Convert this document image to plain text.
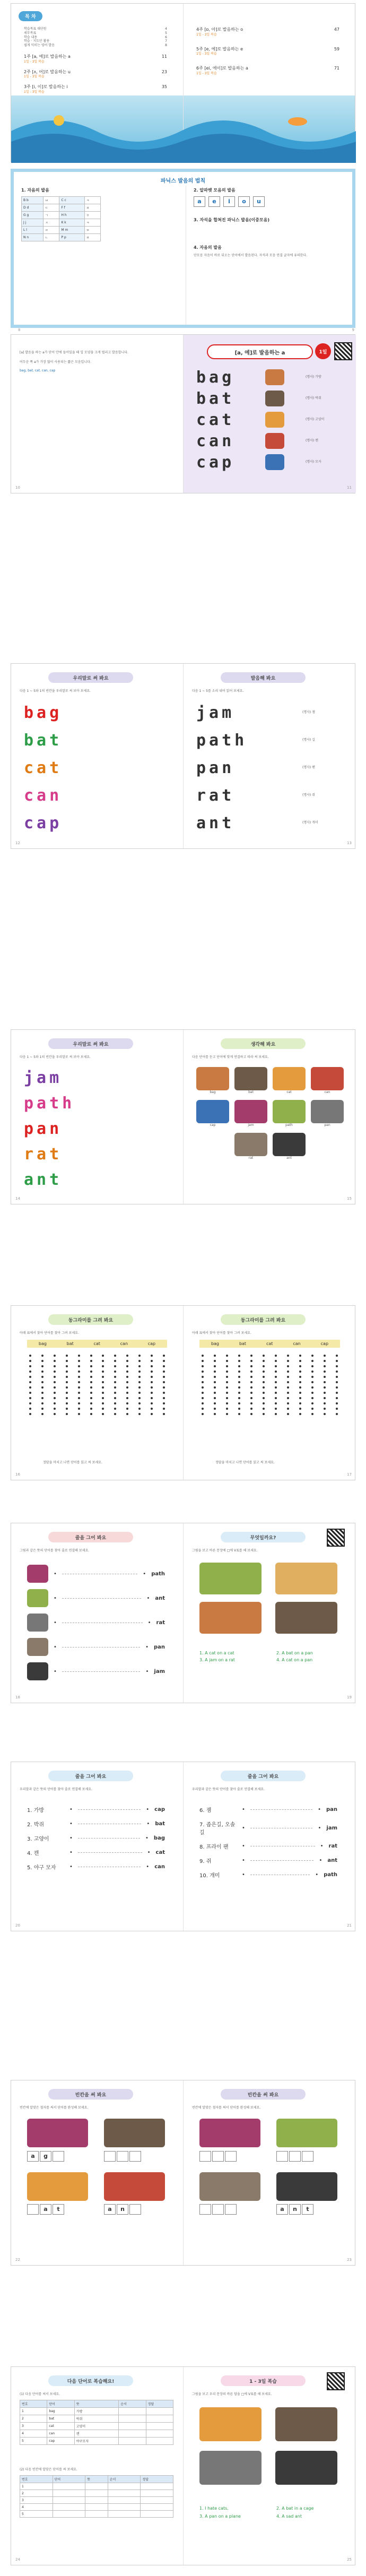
목 차
학습목표 대단원	4
세부목표	5
학습 내용	6
학습 · 지도안 활용	7
쉽게 익히는 영어 발음	8
1주 [a, 에]로 발음하는 a	11
1일 - 3일 복습
2주 [ʌ, 어]로 발음하는 u	23
1일 - 3일 복습
3주 [i, 이]로 발음하는 i	35
1일 - 3일 복습
4주 [ɒ, 아]로 발음하는 o	47
1일 - 3일 복습
5주 [e, 에]로 발음하는 e	59
1일 - 3일 복습
6주 [ei, 에이]로 발음하는 a	71
1일 - 3일 복습
파닉스 발음의 법칙
1. 자음의 발음
B b	ㅂ	C c	ㅋ
D d	ㄷ	F f	ㅍ
G g	ㄱ	H h	ㅎ
J j	ㅈ	K k	ㅋ
L l	ㄹ	M m	ㅁ
N n	ㄴ	P p	ㅍ
8
2. 알파벳 모음의 발음
a	e	i	o	u
3. 자석을 합쳐진 파닉스 발음(이중모음)
4. 자음의 발음
단모음 자음이 바로 뒤오는 단어에서 발음된다. 자석과 모음 연결 글자에 유의한다.
9
[a] 발음을 하는 a가 단어 안에 들어있을 때 입 모양을 크게 벌리고 발음합니다.
어두운 쪽 a가 가장 많이 사용되는 짧은 모음입니다.
bag, bat, cat, can, cap
10
[a, 에]로 발음하는 a	1일
bag	(명사) 가방
bat	(명사) 박쥐
cat	(명사) 고양이
can	(명사) 캔
cap	(명사) 모자
11
우리말로 써 봐요
다음 1 ~ 5와 1의 빈칸을 우리말로 써 보아 보세요.
bag
bat
cat
can
cap
12
발음해 봐요
다음 1 ~ 5를 소리 내어 읽어 보세요.
jam	(명사) 잼
path	(명사) 길
pan	(명사) 팬
rat	(명사) 쥐
ant	(명사) 개미
13
우리말로 써 봐요
다음 1 ~ 5와 1의 빈칸을 우리말로 써 보아 보세요.
jam
path
pan
rat
ant
14
생각해 봐요
다음 단어를 듣고 단어에 맞게 연결하고 따라 써 보세요.
bag	bat	cat	can
cap	jam	path	pan
rat	ant
15
동그라미를 그려 봐요
아래 표에서 찾아 단어를 찾아 그려 보세요.
bag	bat	cat	can	cap
정답을 마치고 나면 단어를 읽고 써 보세요.
16
동그라미를 그려 봐요
아래 표에서 찾아 단어를 찾아 그려 보세요.
bag	bat	cat	can	cap
정답을 마치고 나면 단어를 읽고 써 보세요.
17
줄을 그어 봐요
그림과 같은 뜻의 단어를 찾아 줄로 연결해 보세요.
•	• path
•	• ant
•	• rat
•	• pan
•	• jam
18
무엇일까요?
그림을 보고 바른 문장에 □에 V표를 해 보세요.
1. A cat on a cat	2. A bat on a pan
3. A jam on a rat	4. A cat on a pan
19
줄을 그어 봐요
우리말과 같은 뜻의 단어를 찾아 줄로 연결해 보세요.
1. 가방	•	• cap
2. 박쥐	•	• bat
3. 고양이	•	• bag
4. 캔	•	• cat
5. 야구 모자	•	• can
20
줄을 그어 봐요
우리말과 같은 뜻의 단어를 찾아 줄로 연결해 보세요.
6. 잼	•	• pan
7. 좁은길, 오솔길
•	• jam
8. 프라이 팬	•	• rat
9. 쥐	•	• ant
10. 개미	•	• path
21
빈칸을 써 봐요
빈칸에 알맞은 철자를 써서 단어를 완성해 보세요.
a g
a t	a n
22
빈칸을 써 봐요
빈칸에 알맞은 철자를 써서 단어를 완성해 보세요.
a n t
23
다음 단어로 복습해요!
(1) 다음 단어를 써서 보세요.
번호	단어	뜻	순서	정답
1	bag	가방		
2	bat	박쥐		
3	cat	고양이		
4	can	캔		
5	cap	야구모자		
(2) 다음 빈칸에 알맞은 단어를 써 보세요.
번호	단어	뜻	순서	정답
1				
2				
3				
4				
5				
24
1 - 3일 복습
그림을 보고 우리 문장의 바른 답을 □에 V표를 해 보세요.
1. I hate cats.	2. A bat in a cage
3. A pan on a plane	4. A sad ant
25
